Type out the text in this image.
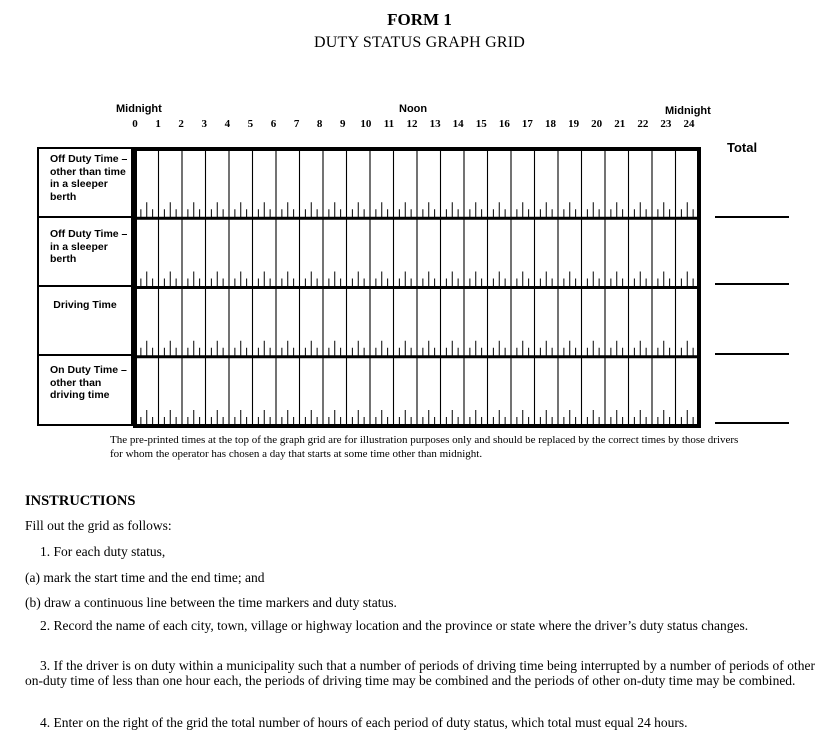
FORM 1
DUTY STATUS GRAPH GRID
Midnight	Noon	Midnight
0	1	2	3	4	5	6	7	8	9	10	11	12	13	14	15	16	17	18	19	20	21	22	23	24
Total
Off Duty Time – other than time in a sleeper berth
Off Duty Time – in a sleeper berth
Driving Time
On Duty Time – other than driving time
The pre-printed times at the top of the graph grid are for illustration purposes only and should be replaced by the correct times by those drivers for whom the operator has chosen a day that starts at some time other than midnight.
INSTRUCTIONS
Fill out the grid as follows:
1. For each duty status,
(a) mark the start time and the end time; and
(b) draw a continuous line between the time markers and duty status.
2. Record the name of each city, town, village or highway location and the province or state where the driver’s duty status changes.
3. If the driver is on duty within a municipality such that a number of periods of driving time being interrupted by a number of periods of other on-duty time of less than one hour each, the periods of driving time may be combined and the periods of other on-duty time may be combined.
4. Enter on the right of the grid the total number of hours of each period of duty status, which total must equal 24 hours.
